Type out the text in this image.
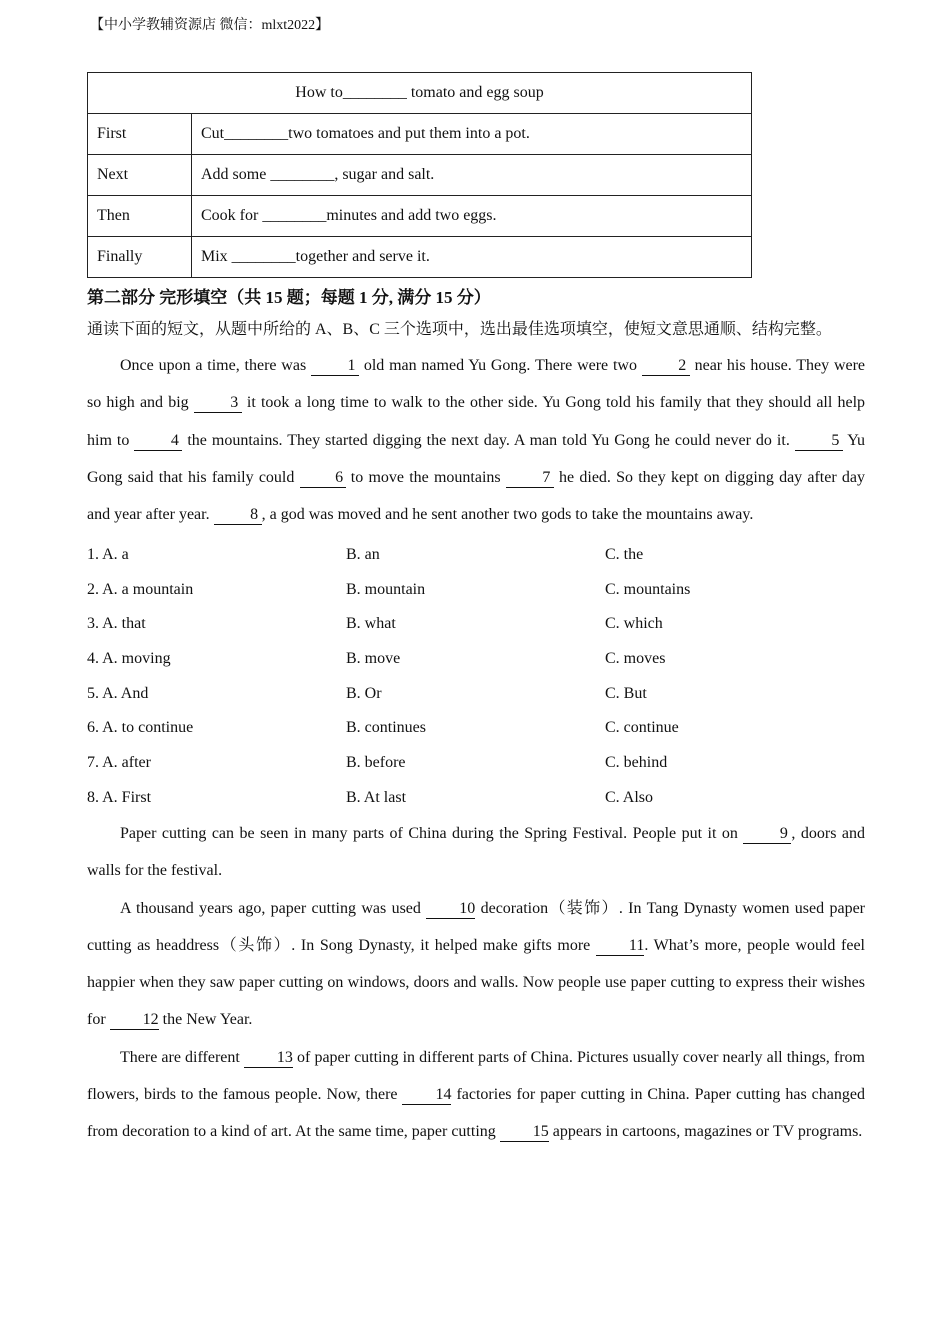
【中小学教辅资源店 微信：mlxt2022】
How to________ tomato and egg soup	
First	Cut________two tomatoes and put them into a pot.
Next	Add some ________, sugar and salt.
Then	Cook for ________minutes and add two eggs.
Finally	Mix ________together and serve it.

第二部分 完形填空（共 15 题；每题 1 分, 满分 15 分）

通读下面的短文，从题中所给的 A、B、C 三个选项中，选出最佳选项填空，使短文意思通顺、结构完整。

Once upon a time, there was 1 old man named Yu Gong. There were two 2 near his house. They were so high and big 3 it took a long time to walk to the other side. Yu Gong told his family that they should all help him to 4 the mountains. They started digging the next day. A man told Yu Gong he could never do it. 5 Yu Gong said that his family could 6 to move the mountains 7 he died. So they kept on digging day after day and year after year. 8 , a god was moved and he sent another two gods to take the mountains away.

1. A. a	B. an	C. the
2. A. a mountain	B. mountain	C. mountains
3. A. that	B. what	C. which
4. A. moving	B. move	C. moves
5. A. And	B. Or	C. But
6. A. to continue	B. continues	C. continue
7. A. after	B. before	C. behind
8. A. First	B. At last	C. Also

Paper cutting can be seen in many parts of China during the Spring Festival. People put it on 9 , doors and walls for the festival.

A thousand years ago, paper cutting was used 10 decoration（装饰）. In Tang Dynasty women used paper cutting as headdress（头饰）. In Song Dynasty, it helped make gifts more 11. What’s more, people would feel happier when they saw paper cutting on windows, doors and walls. Now people use paper cutting to express their wishes for 12 the New Year.

There are different 13 of paper cutting in different parts of China. Pictures usually cover nearly all things, from flowers, birds to the famous people. Now, there 14 factories for paper cutting in China. Paper cutting has changed from decoration to a kind of art. At the same time, paper cutting 15 appears in cartoons, magazines or TV programs.
